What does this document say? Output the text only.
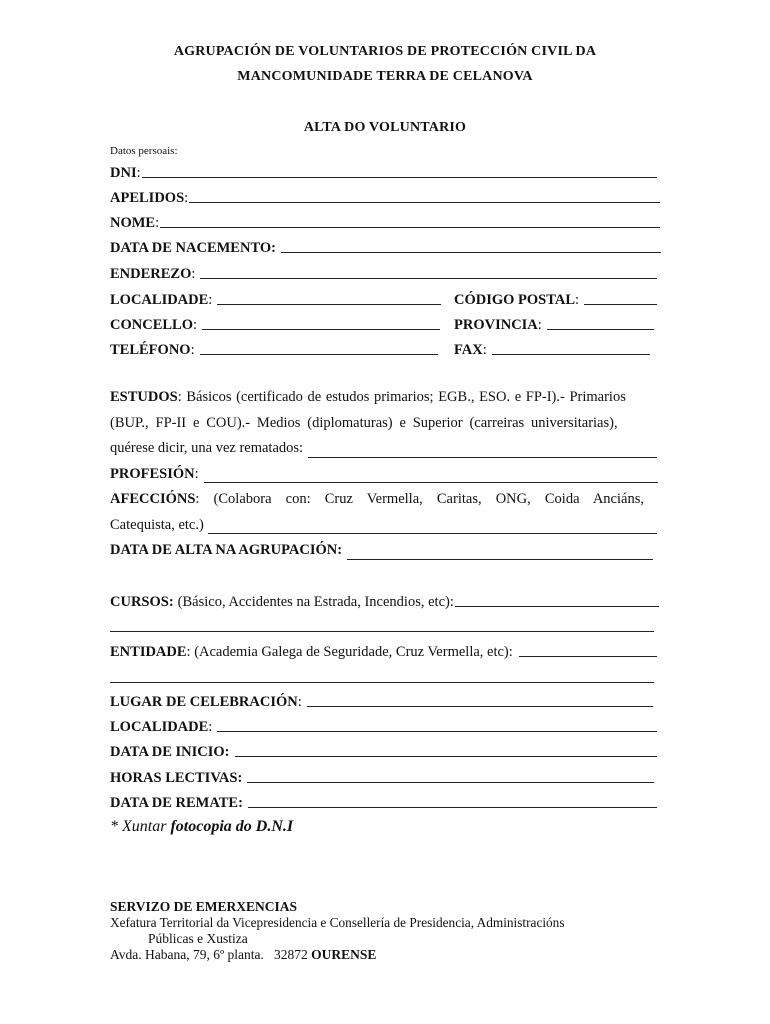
AGRUPACIÓN DE VOLUNTARIOS DE PROTECCIÓN CIVIL DA
MANCOMUNIDADE TERRA DE CELANOVA
ALTA DO VOLUNTARIO
Datos persoais:
DNI :
APELIDOS :
NOME :
DATA DE NACEMENTO:
ENDEREZO :
LOCALIDADE :	CÓDIGO POSTAL :
CONCELLO :	PROVINCIA :
TELÉFONO :	FAX :
ESTUDOS : Básicos (certificado de estudos primarios; EGB., ESO. e FP-I).- Primarios
(BUP., FP-II e COU).- Medios (diplomaturas) e Superior (carreiras universitarias),
quérese dicir, una vez rematados:
PROFESIÓN :
AFECCIÓNS : (Colabora con: Cruz Vermella, Caritas, ONG, Coida Anciáns,
Catequista, etc.)
DATA DE ALTA NA AGRUPACIÓN:
CURSOS: (Básico, Accidentes na Estrada, Incendios, etc):
ENTIDADE : (Academia Galega de Seguridade, Cruz Vermella, etc):
LUGAR DE CELEBRACIÓN :
LOCALIDADE :
DATA DE INICIO:
HORAS LECTIVAS:
DATA DE REMATE:
* Xuntar fotocopia do D.N.I
SERVIZO DE EMERXENCIAS
Xefatura Territorial da Vicepresidencia e Consellería de Presidencia, Administracións
Públicas e Xustiza
Avda. Habana, 79, 6º planta.   32872 OURENSE
